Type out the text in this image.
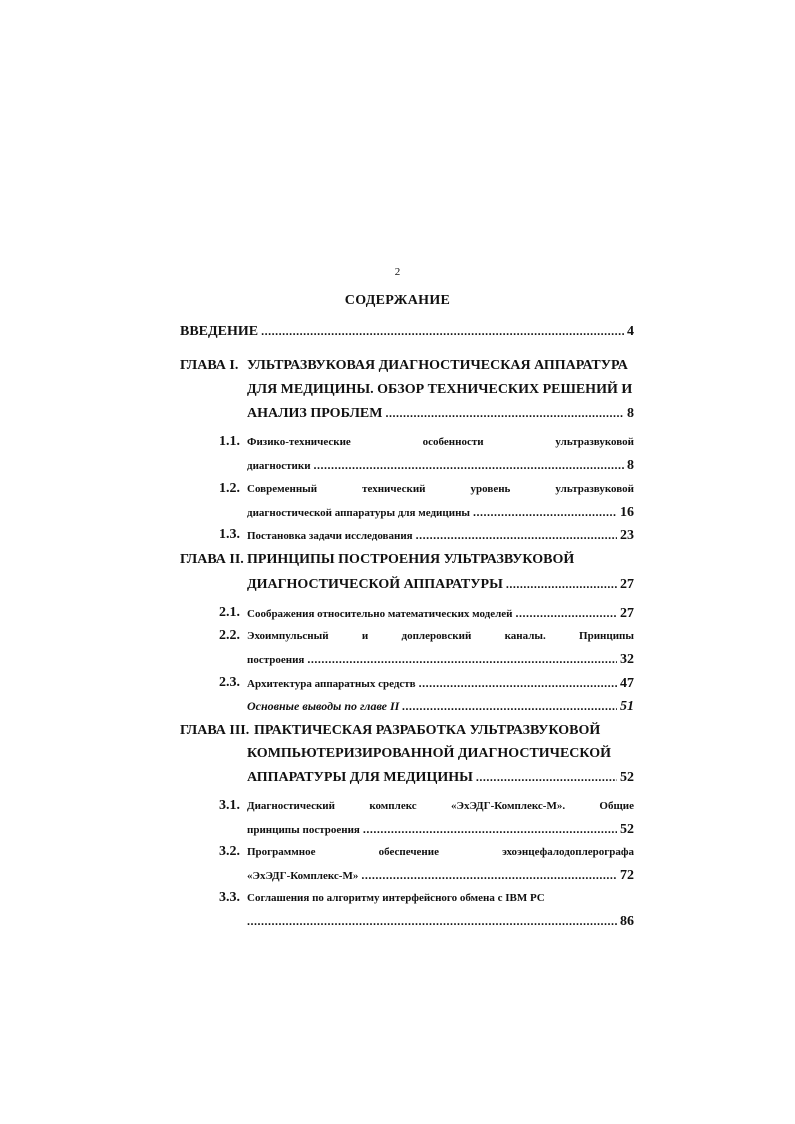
2
СОДЕРЖАНИЕ
ВВЕДЕНИЕ .....	4
ГЛАВА I. УЛЬТРАЗВУКОВАЯ ДИАГНОСТИЧЕСКАЯ АППАРАТУРА
ДЛЯ МЕДИЦИНЫ. ОБЗОР ТЕХНИЧЕСКИХ РЕШЕНИЙ И
АНАЛИЗ ПРОБЛЕМ .....	8
1.1. Физико-технические	особенности	ультразвуковой
диагностики .....	8
1.2. Современный	технический	уровень	ультразвуковой
диагностической аппаратуры для медицины .....	16
1.3. Постановка задачи исследования .....	23
ГЛАВА II. ПРИНЦИПЫ ПОСТРОЕНИЯ УЛЬТРАЗВУКОВОЙ
ДИАГНОСТИЧЕСКОЙ АППАРАТУРЫ .....	27
2.1. Соображения относительно математических моделей .....	27
2.2. Эхоимпульсный	и	доплеровский	каналы.	Принципы
построения .....	32
2.3. Архитектура аппаратных средств .....	47
Основные выводы по главе II .....	51
ГЛАВА III. ПРАКТИЧЕСКАЯ РАЗРАБОТКА УЛЬТРАЗВУКОВОЙ
КОМПЬЮТЕРИЗИРОВАННОЙ ДИАГНОСТИЧЕСКОЙ
АППАРАТУРЫ ДЛЯ МЕДИЦИНЫ .....	52
3.1. Диагностический	комплекс	«ЭхЭДГ-Комплекс-М».	Общие
принципы построения .....	52
3.2. Программное	обеспечение	эхоэнцефалодоплерографа
«ЭхЭДГ-Комплекс-М» .....	72
3.3. Соглашения по алгоритму интерфейсного обмена с IBM PC
.....
86
